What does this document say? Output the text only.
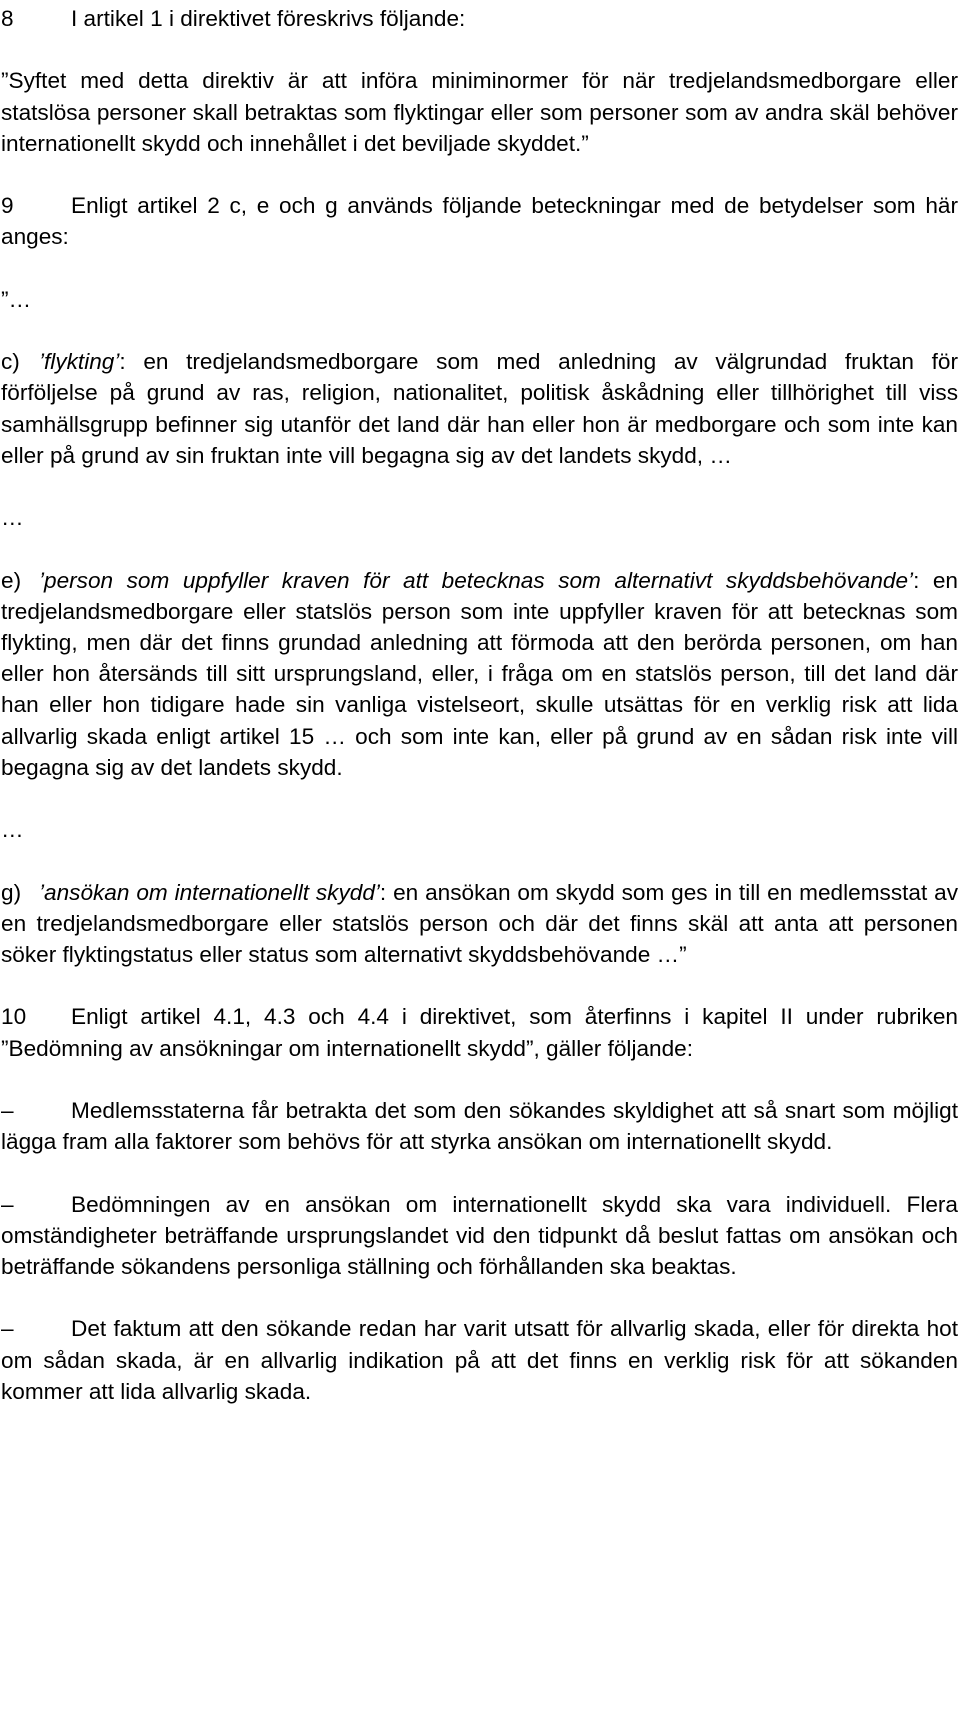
8	I artikel 1 i direktivet föreskrivs följande:

”Syftet med detta direktiv är att införa miniminormer för när tredjelandsmedborgare eller statslösa personer skall betraktas som flyktingar eller som personer som av andra skäl behöver internationellt skydd och innehållet i det beviljade skyddet.”

9	Enligt artikel 2 c, e och g används följande beteckningar med de betydelser som här anges:

”…

c) ’flykting’: en tredjelandsmedborgare som med anledning av välgrundad fruktan för förföljelse på grund av ras, religion, nationalitet, politisk åskådning eller tillhörighet till viss samhällsgrupp befinner sig utanför det land där han eller hon är medborgare och som inte kan eller på grund av sin fruktan inte vill begagna sig av det landets skydd, …

…

e) ’person som uppfyller kraven för att betecknas som alternativt skyddsbehövande’: en tredjelandsmedborgare eller statslös person som inte uppfyller kraven för att betecknas som flykting, men där det finns grundad anledning att förmoda att den berörda personen, om han eller hon återsänds till sitt ursprungsland, eller, i fråga om en statslös person, till det land där han eller hon tidigare hade sin vanliga vistelseort, skulle utsättas för en verklig risk att lida allvarlig skada enligt artikel 15 … och som inte kan, eller på grund av en sådan risk inte vill begagna sig av det landets skydd.

…

g) ’ansökan om internationellt skydd’: en ansökan om skydd som ges in till en medlemsstat av en tredjelandsmedborgare eller statslös person och där det finns skäl att anta att personen söker flyktingstatus eller status som alternativt skyddsbehövande …”

10 Enligt artikel 4.1, 4.3 och 4.4 i direktivet, som återfinns i kapitel II under rubriken ”Bedömning av ansökningar om internationellt skydd”, gäller följande:

–	Medlemsstaterna får betrakta det som den sökandes skyldighet att så snart som möjligt lägga fram alla faktorer som behövs för att styrka ansökan om internationellt skydd.

–	Bedömningen av en ansökan om internationellt skydd ska vara individuell. Flera omständigheter beträffande ursprungslandet vid den tidpunkt då beslut fattas om ansökan och beträffande sökandens personliga ställning och förhållanden ska beaktas.

–	Det faktum att den sökande redan har varit utsatt för allvarlig skada, eller för direkta hot om sådan skada, är en allvarlig indikation på att det finns en verklig risk för att sökanden kommer att lida allvarlig skada.
